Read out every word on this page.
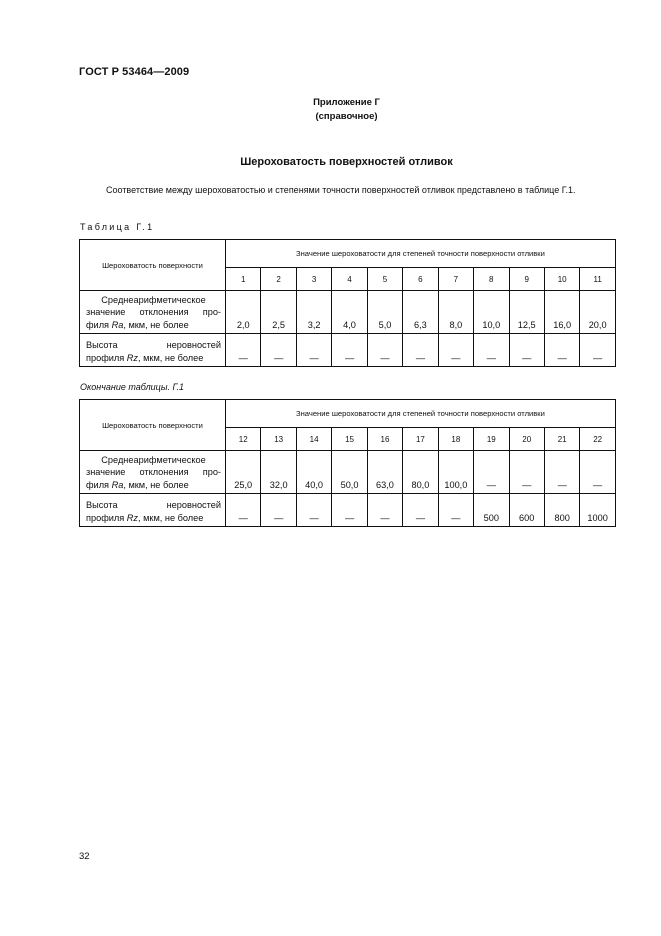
ГОСТ Р 53464—2009
Приложение Г
(справочное)
Шероховатость поверхностей отливок
Соответствие между шероховатостью и степенями точности поверхностей отливок представлено в таблице Г.1.
Таблица Г.1
Шероховатость поверхности	Значение шероховатости для степеней точности поверхности отливки										
	1	2	3	4	5	6	7	8	9	10	11

Среднеарифметическое
значение отклонения про-
филя Ra, мкм, не более	2,0	2,5	3,2	4,0	5,0	6,3	8,0	10,0	12,5	16,0	20,0

Высота неровностей
профиля Rz, мкм, не более	—	—	—	—	—	—	—	—	—	—	—
Окончание таблицы. Г.1
Шероховатость поверхности	Значение шероховатости для степеней точности поверхности отливки										
	12	13	14	15	16	17	18	19	20	21	22

Среднеарифметическое
значение отклонения про-
филя Ra, мкм, не более	25,0	32,0	40,0	50,0	63,0	80,0	100,0	—	—	—	—

Высота неровностей
профиля Rz, мкм, не более	—	—	—	—	—	—	—	500	600	800	1000
32
